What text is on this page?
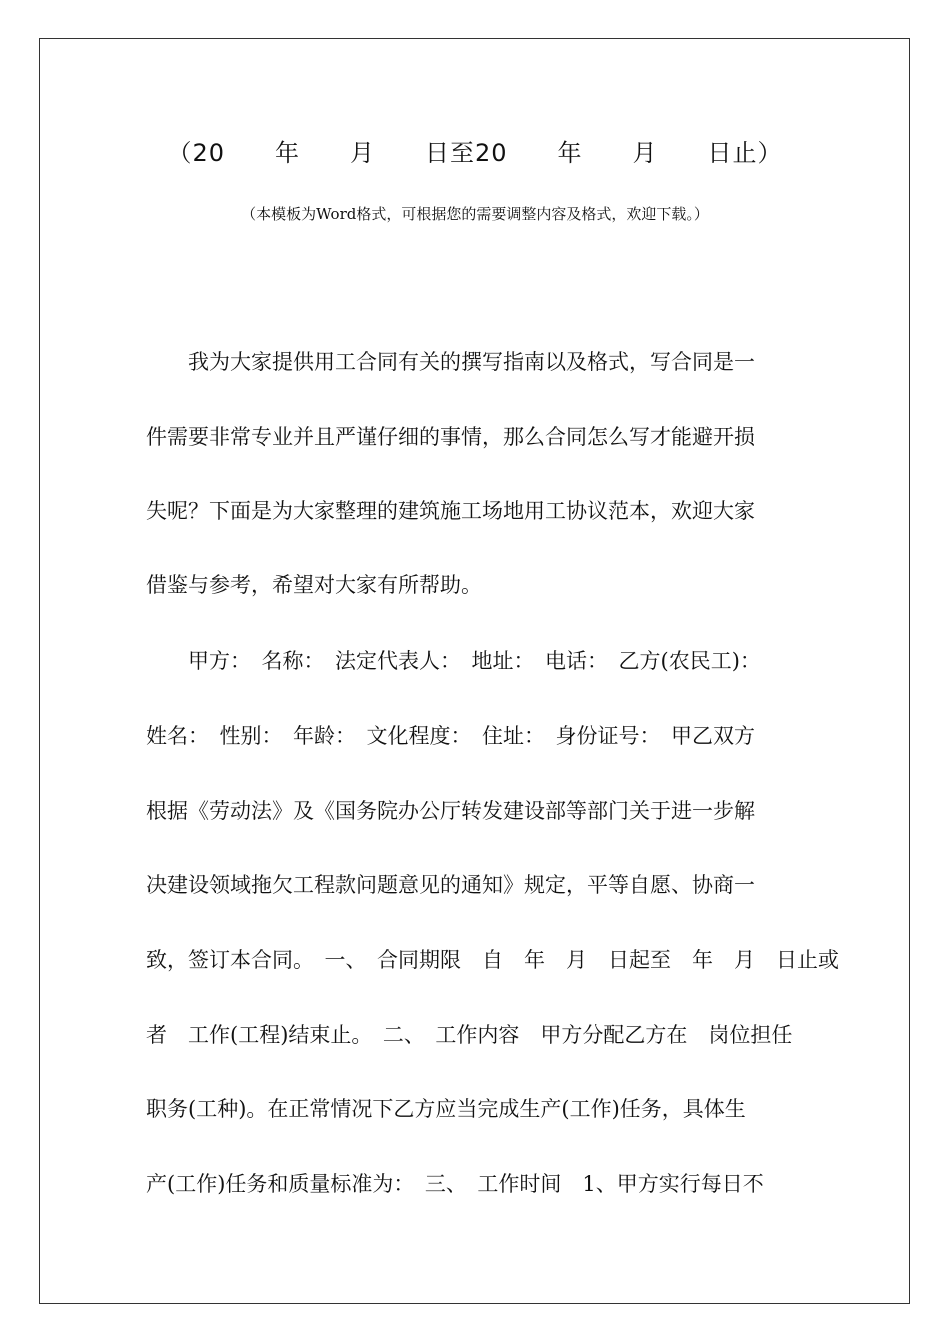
（20　　年　　月　　日至20　　年　　月　　日止）
（本模板为Word格式，可根据您的需要调整内容及格式，欢迎下载。）
我为大家提供用工合同有关的撰写指南以及格式，写合同是一
件需要非常专业并且严谨仔细的事情，那么合同怎么写才能避开损
失呢？下面是为大家整理的建筑施工场地用工协议范本，欢迎大家
借鉴与参考，希望对大家有所帮助。
甲方：　名称：　法定代表人：　地址：　电话：　乙方(农民工)：
姓名：　性别：　年龄：　文化程度：　住址：　身份证号：　甲乙双方
根据《劳动法》及《国务院办公厅转发建设部等部门关于进一步解
决建设领域拖欠工程款问题意见的通知》规定，平等自愿、协商一
致，签订本合同。　一、　合同期限　自　年　月　日起至　年　月　日止或
者　工作(工程)结束止。　二、　工作内容　甲方分配乙方在　岗位担任
职务(工种)。在正常情况下乙方应当完成生产(工作)任务，具体生
产(工作)任务和质量标准为：　三、　工作时间　1、甲方实行每日不
